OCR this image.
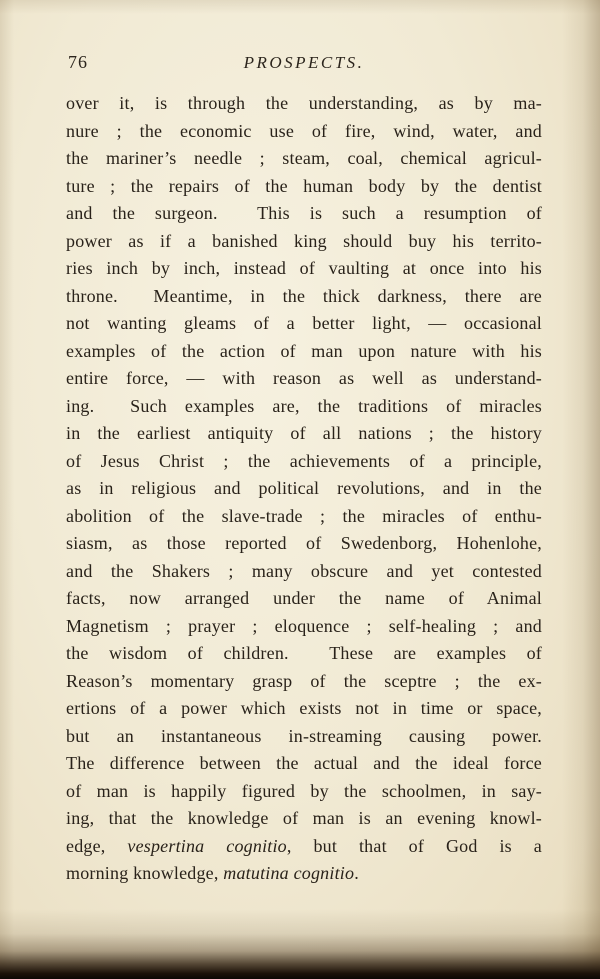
76	PROSPECTS.
over it, is through the understanding, as by ma-
nure ; the economic use of fire, wind, water, and
the mariner’s needle ; steam, coal, chemical agricul-
ture ; the repairs of the human body by the dentist
and the surgeon.  This is such a resumption of
power as if a banished king should buy his territo-
ries inch by inch, instead of vaulting at once into his
throne.  Meantime, in the thick darkness, there are
not wanting gleams of a better light, — occasional
examples of the action of man upon nature with his
entire force, — with reason as well as understand-
ing.  Such examples are, the traditions of miracles
in the earliest antiquity of all nations ; the history
of Jesus Christ ; the achievements of a principle,
as in religious and political revolutions, and in the
abolition of the slave-trade ; the miracles of enthu-
siasm, as those reported of Swedenborg, Hohenlohe,
and the Shakers ; many obscure and yet contested
facts, now arranged under the name of Animal
Magnetism ; prayer ; eloquence ; self-healing ; and
the wisdom of children.  These are examples of
Reason’s momentary grasp of the sceptre ; the ex-
ertions of a power which exists not in time or space,
but an instantaneous in-streaming causing power.
The difference between the actual and the ideal force
of man is happily figured by the schoolmen, in say-
ing, that the knowledge of man is an evening knowl-
edge, vespertina cognitio, but that of God is a
morning knowledge, matutina cognitio.
